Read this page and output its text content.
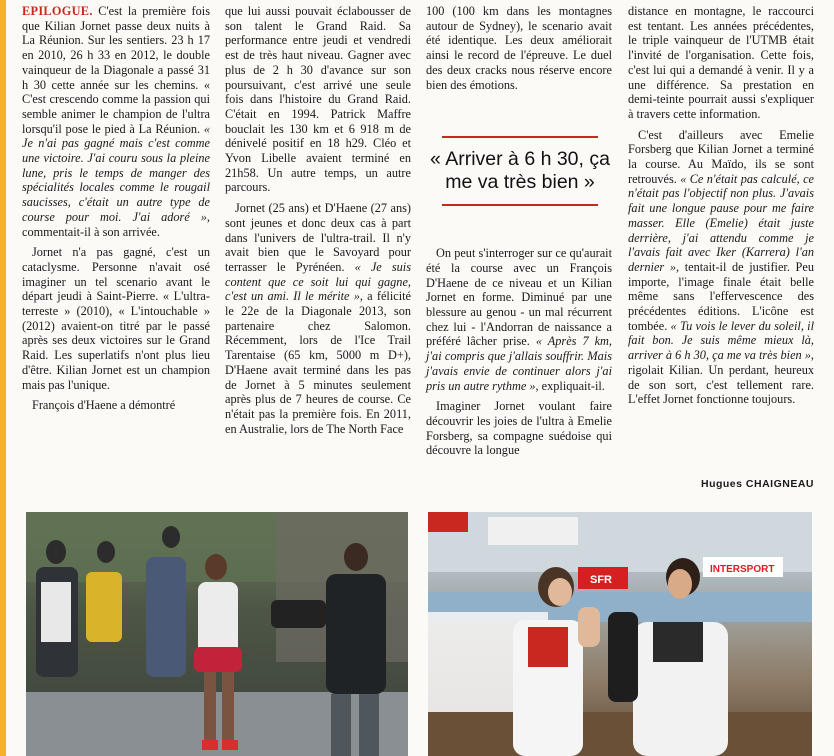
EPILOGUE. C'est la première fois que Kilian Jornet passe deux nuits à La Réunion. Sur les sentiers. 23 h 17 en 2010, 26 h 33 en 2012, le double vainqueur de la Diagonale a passé 31 h 30 cette année sur les chemins. « C'est crescendo comme la passion qui semble animer le champion de l'ultra lorsqu'il pose le pied à La Réunion. « Je n'ai pas gagné mais c'est comme une victoire. J'ai couru sous la pleine lune, pris le temps de manger des spécialités locales comme le rougail saucisses, c'était un autre type de course pour moi. J'ai adoré », commentait-il à son arrivée.

Jornet n'a pas gagné, c'est un cataclysme. Personne n'avait osé imaginer un tel scenario avant le départ jeudi à Saint-Pierre. « L'ultra-terreste » (2010), « L'intouchable » (2012) avaient-on titré par le passé après ses deux victoires sur le Grand Raid. Les superlatifs n'ont plus lieu d'être. Kilian Jornet est un champion mais pas l'unique.

François d'Haene a démontré

que lui aussi pouvait éclabousser de son talent le Grand Raid. Sa performance entre jeudi et vendredi est de très haut niveau. Gagner avec plus de 2 h 30 d'avance sur son poursuivant, c'est arrivé une seule fois dans l'histoire du Grand Raid. C'était en 1994. Patrick Maffre bouclait les 130 km et 6 918 m de dénivelé positif en 18 h29. Cléo et Yvon Libelle avaient terminé en 21h58. Un autre temps, un autre parcours.

Jornet (25 ans) et D'Haene (27 ans) sont jeunes et donc deux cas à part dans l'univers de l'ultra-trail. Il n'y avait bien que le Savoyard pour terrasser le Pyrénéen. « Je suis content que ce soit lui qui gagne, c'est un ami. Il le mérite », a félicité le 22e de la Diagonale 2013, son partenaire chez Salomon. Récemment, lors de l'Ice Trail Tarentaise (65 km, 5000 m D+), D'Haene avait terminé dans les pas de Jornet à 5 minutes seulement après plus de 7 heures de course. Ce n'était pas la première fois. En 2011, en Australie, lors de The North Face

100 (100 km dans les montagnes autour de Sydney), le scenario avait été identique. Les deux améliorait ainsi le record de l'épreuve. Le duel des deux cracks nous réserve encore bien des émotions.

On peut s'interroger sur ce qu'aurait été la course avec un François D'Haene de ce niveau et un Kilian Jornet en forme. Diminué par une blessure au genou - un mal récurrent chez lui - l'Andorran de naissance a préféré lâcher prise. « Après 7 km, j'ai compris que j'allais souffrir. Mais j'avais envie de continuer alors j'ai pris un autre rythme », expliquait-il.

Imaginer Jornet voulant faire découvrir les joies de l'ultra à Emelie Forsberg, sa compagne suédoise qui découvre la longue

« Arriver à 6 h 30, ça me va très bien »

distance en montagne, le raccourci est tentant. Les années précédentes, le triple vainqueur de l'UTMB était l'invité de l'organisation. Cette fois, c'est lui qui a demandé à venir. Il y a une différence. Sa prestation en demi-teinte pourrait aussi s'expliquer à travers cette information.

C'est d'ailleurs avec Emelie Forsberg que Kilian Jornet a terminé la course. Au Maïdo, ils se sont retrouvés. « Ce n'était pas calculé, ce n'était pas l'objectif non plus. J'avais fait une longue pause pour me faire masser. Elle (Emelie) était juste derrière, j'ai attendu comme je l'avais fait avec Iker (Karrera) l'an dernier », tentait-il de justifier. Peu importe, l'image finale était belle même sans l'effervescence des précédentes éditions. L'icône est tombée. « Tu vois le lever du soleil, il fait bon. Je suis même mieux là, arriver à 6 h 30, ça me va très bien », rigolait Kilian. Un perdant, heureux de son sort, c'est tellement rare. L'effet Jornet fonctionne toujours.

Hugues CHAIGNEAU
SFR
INTERSPORT
